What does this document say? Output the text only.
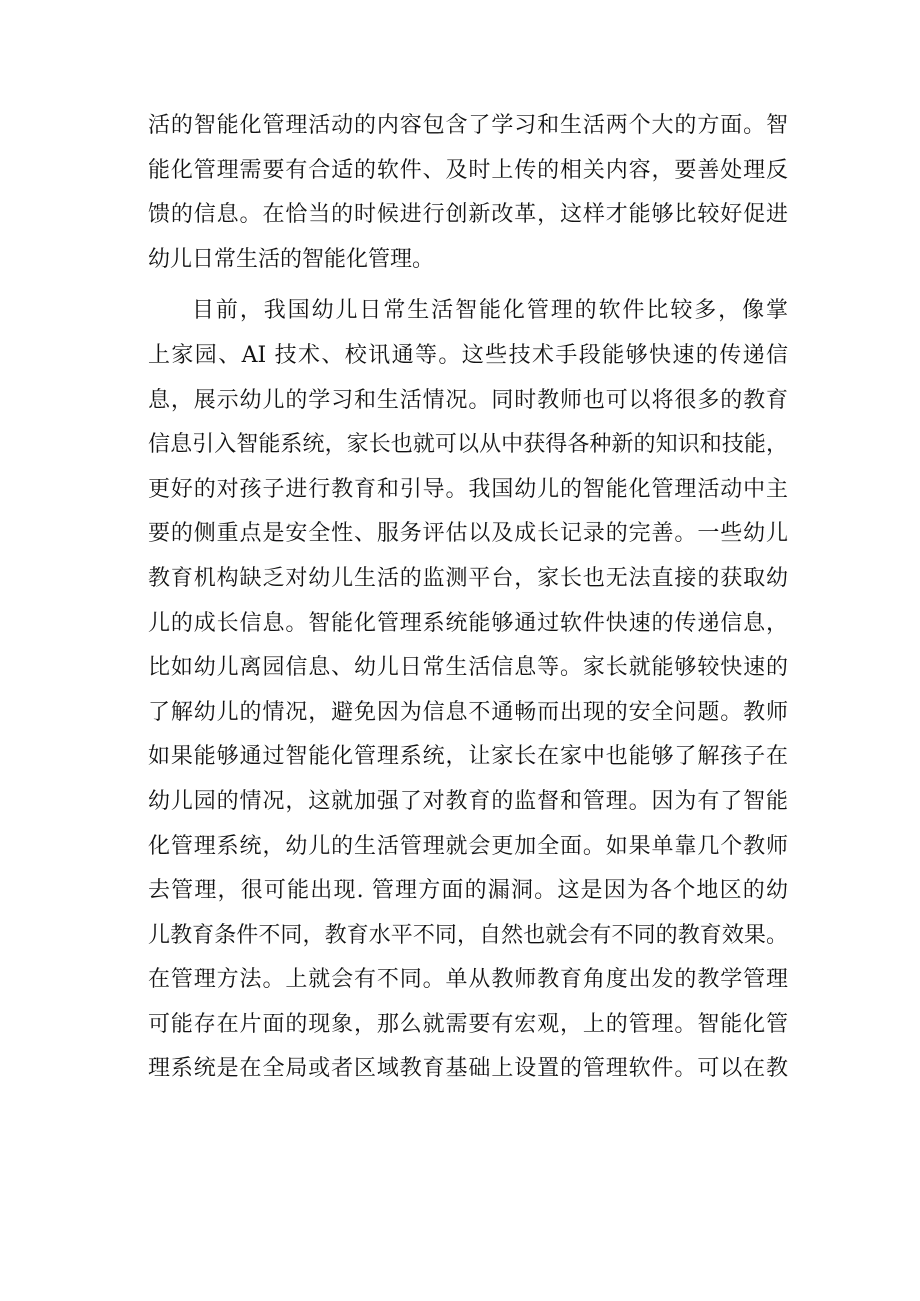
活的智能化管理活动的内容包含了学习和生活两个大的方面。智
能化管理需要有合适的软件、及时上传的相关内容，要善处理反
馈的信息。在恰当的时候进行创新改革，这样才能够比较好促进
幼儿日常生活的智能化管理。
目前，我国幼儿日常生活智能化管理的软件比较多，像掌
上家园、AI 技术、校讯通等。这些技术手段能够快速的传递信
息，展示幼儿的学习和生活情况。同时教师也可以将很多的教育
信息引入智能系统，家长也就可以从中获得各种新的知识和技能，
更好的对孩子进行教育和引导。我国幼儿的智能化管理活动中主
要的侧重点是安全性、服务评估以及成长记录的完善。一些幼儿
教育机构缺乏对幼儿生活的监测平台，家长也无法直接的获取幼
儿的成长信息。智能化管理系统能够通过软件快速的传递信息，
比如幼儿离园信息、幼儿日常生活信息等。家长就能够较快速的
了解幼儿的情况，避免因为信息不通畅而出现的安全问题。教师
如果能够通过智能化管理系统，让家长在家中也能够了解孩子在
幼儿园的情况，这就加强了对教育的监督和管理。因为有了智能
化管理系统，幼儿的生活管理就会更加全面。如果单靠几个教师
去管理，很可能出现. 管理方面的漏洞。这是因为各个地区的幼
儿教育条件不同，教育水平不同，自然也就会有不同的教育效果。
在管理方法。上就会有不同。单从教师教育角度出发的教学管理
可能存在片面的现象，那么就需要有宏观，上的管理。智能化管
理系统是在全局或者区域教育基础上设置的管理软件。可以在教
